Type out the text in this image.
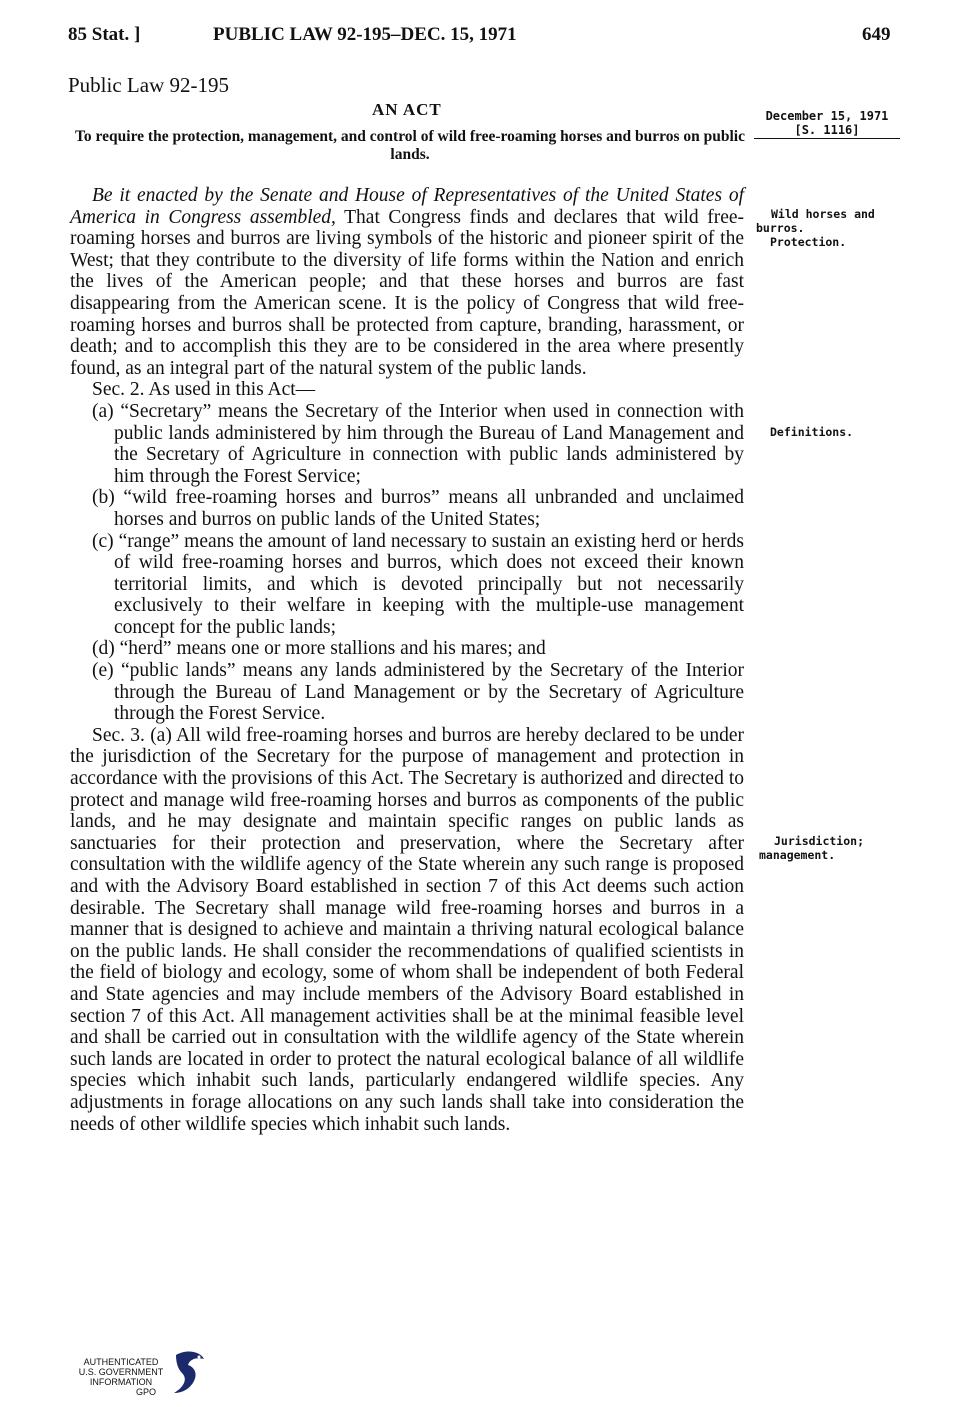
85 Stat. ]	PUBLIC LAW 92-195–DEC. 15, 1971	649
Public Law 92-195
AN ACT
To require the protection, management, and control of wild free-roaming horses and burros on public lands.
December 15, 1971
[S. 1116]
Wild horses and
burros.
Protection.
Definitions.
Jurisdiction;
management.

Be it enacted by the Senate and House of Representatives of the United States of America in Congress assembled, That Congress finds and declares that wild free-roaming horses and burros are living symbols of the historic and pioneer spirit of the West; that they contribute to the diversity of life forms within the Nation and enrich the lives of the American people; and that these horses and burros are fast disappearing from the American scene. It is the policy of Congress that wild free-roaming horses and burros shall be protected from capture, branding, harassment, or death; and to accomplish this they are to be considered in the area where presently found, as an integral part of the natural system of the public lands.

Sec. 2. As used in this Act—

(a) “Secretary” means the Secretary of the Interior when used in connection with public lands administered by him through the Bureau of Land Management and the Secretary of Agriculture in connection with public lands administered by him through the Forest Service;

(b) “wild free-roaming horses and burros” means all unbranded and unclaimed horses and burros on public lands of the United States;

(c) “range” means the amount of land necessary to sustain an existing herd or herds of wild free-roaming horses and burros, which does not exceed their known territorial limits, and which is devoted principally but not necessarily exclusively to their welfare in keeping with the multiple-use management concept for the public lands;

(d) “herd” means one or more stallions and his mares; and

(e) “public lands” means any lands administered by the Secretary of the Interior through the Bureau of Land Management or by the Secretary of Agriculture through the Forest Service.

Sec. 3. (a) All wild free-roaming horses and burros are hereby declared to be under the jurisdiction of the Secretary for the purpose of management and protection in accordance with the provisions of this Act. The Secretary is authorized and directed to protect and manage wild free-roaming horses and burros as components of the public lands, and he may designate and maintain specific ranges on public lands as sanctuaries for their protection and preservation, where the Secretary after consultation with the wildlife agency of the State wherein any such range is proposed and with the Advisory Board established in section 7 of this Act deems such action desirable. The Secretary shall manage wild free-roaming horses and burros in a manner that is designed to achieve and maintain a thriving natural ecological balance on the public lands. He shall consider the recommendations of qualified scientists in the field of biology and ecology, some of whom shall be independent of both Federal and State agencies and may include members of the Advisory Board established in section 7 of this Act. All management activities shall be at the minimal feasible level and shall be carried out in consultation with the wildlife agency of the State wherein such lands are located in order to protect the natural ecological balance of all wildlife species which inhabit such lands, particularly endangered wildlife species. Any adjustments in forage allocations on any such lands shall take into consideration the needs of other wildlife species which inhabit such lands.

AUTHENTICATED
U.S. GOVERNMENT
INFORMATION
GPO
